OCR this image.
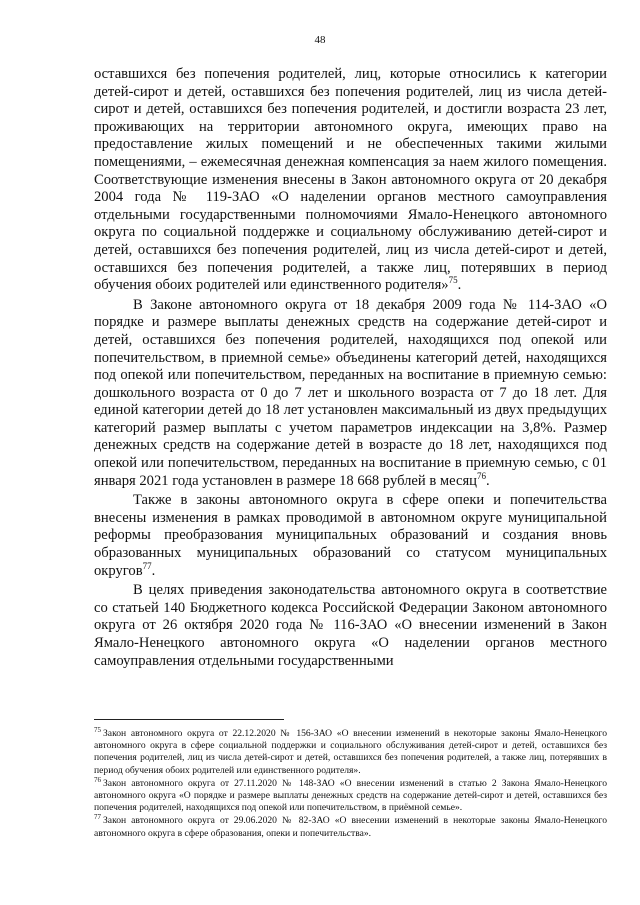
48

оставшихся без попечения родителей, лиц, которые относились к категории детей-сирот и детей, оставшихся без попечения родителей, лиц из числа детей-сирот и детей, оставшихся без попечения родителей, и достигли возраста 23 лет, проживающих на территории автономного округа, имеющих право на предоставление жилых помещений и не обеспеченных такими жилыми помещениями, – ежемесячная денежная компенсация за наем жилого помещения. Соответствующие изменения внесены в Закон автономного округа от 20 декабря 2004 года № 119-ЗАО «О наделении органов местного самоуправления отдельными государственными полномочиями Ямало-Ненецкого автономного округа по социальной поддержке и социальному обслуживанию детей-сирот и детей, оставшихся без попечения родителей, лиц из числа детей-сирот и детей, оставшихся без попечения родителей, а также лиц, потерявших в период обучения обоих родителей или единственного родителя»$^{75}$.

В Законе автономного округа от 18 декабря 2009 года № 114-ЗАО «О порядке и размере выплаты денежных средств на содержание детей-сирот и детей, оставшихся без попечения родителей, находящихся под опекой или попечительством, в приемной семье» объединены категорий детей, находящихся под опекой или попечительством, переданных на воспитание в приемную семью: дошкольного возраста от 0 до 7 лет и школьного возраста от 7 до 18 лет. Для единой категории детей до 18 лет установлен максимальный из двух предыдущих категорий размер выплаты с учетом параметров индексации на 3,8%. Размер денежных средств на содержание детей в возрасте до 18 лет, находящихся под опекой или попечительством, переданных на воспитание в приемную семью, с 01 января 2021 года установлен в размере 18 668 рублей в месяц$^{76}$.

Также в законы автономного округа в сфере опеки и попечительства внесены изменения в рамках проводимой в автономном округе муниципальной реформы преобразования муниципальных образований и создания вновь образованных муниципальных образований со статусом муниципальных округов$^{77}$.

В целях приведения законодательства автономного округа в соответствие со статьей 140 Бюджетного кодекса Российской Федерации Законом автономного округа от 26 октября 2020 года № 116-ЗАО «О внесении изменений в Закон Ямало-Ненецкого автономного округа «О наделении органов местного самоуправления отдельными государственными

$^{75}$ Закон автономного округа от 22.12.2020 № 156-ЗАО «О внесении изменений в некоторые законы Ямало-Ненецкого автономного округа в сфере социальной поддержки и социального обслуживания детей-сирот и детей, оставшихся без попечения родителей, лиц из числа детей-сирот и детей, оставшихся без попечения родителей, а также лиц, потерявших в период обучения обоих родителей или единственного родителя».

$^{76}$ Закон автономного округа от 27.11.2020 № 148-ЗАО «О внесении изменений в статью 2 Закона Ямало-Ненецкого автономного округа «О порядке и размере выплаты денежных средств на содержание детей-сирот и детей, оставшихся без попечения родителей, находящихся под опекой или попечительством, в приёмной семье».

$^{77}$ Закон автономного округа от 29.06.2020 № 82-ЗАО «О внесении изменений в некоторые законы Ямало-Ненецкого автономного округа в сфере образования, опеки и попечительства».
